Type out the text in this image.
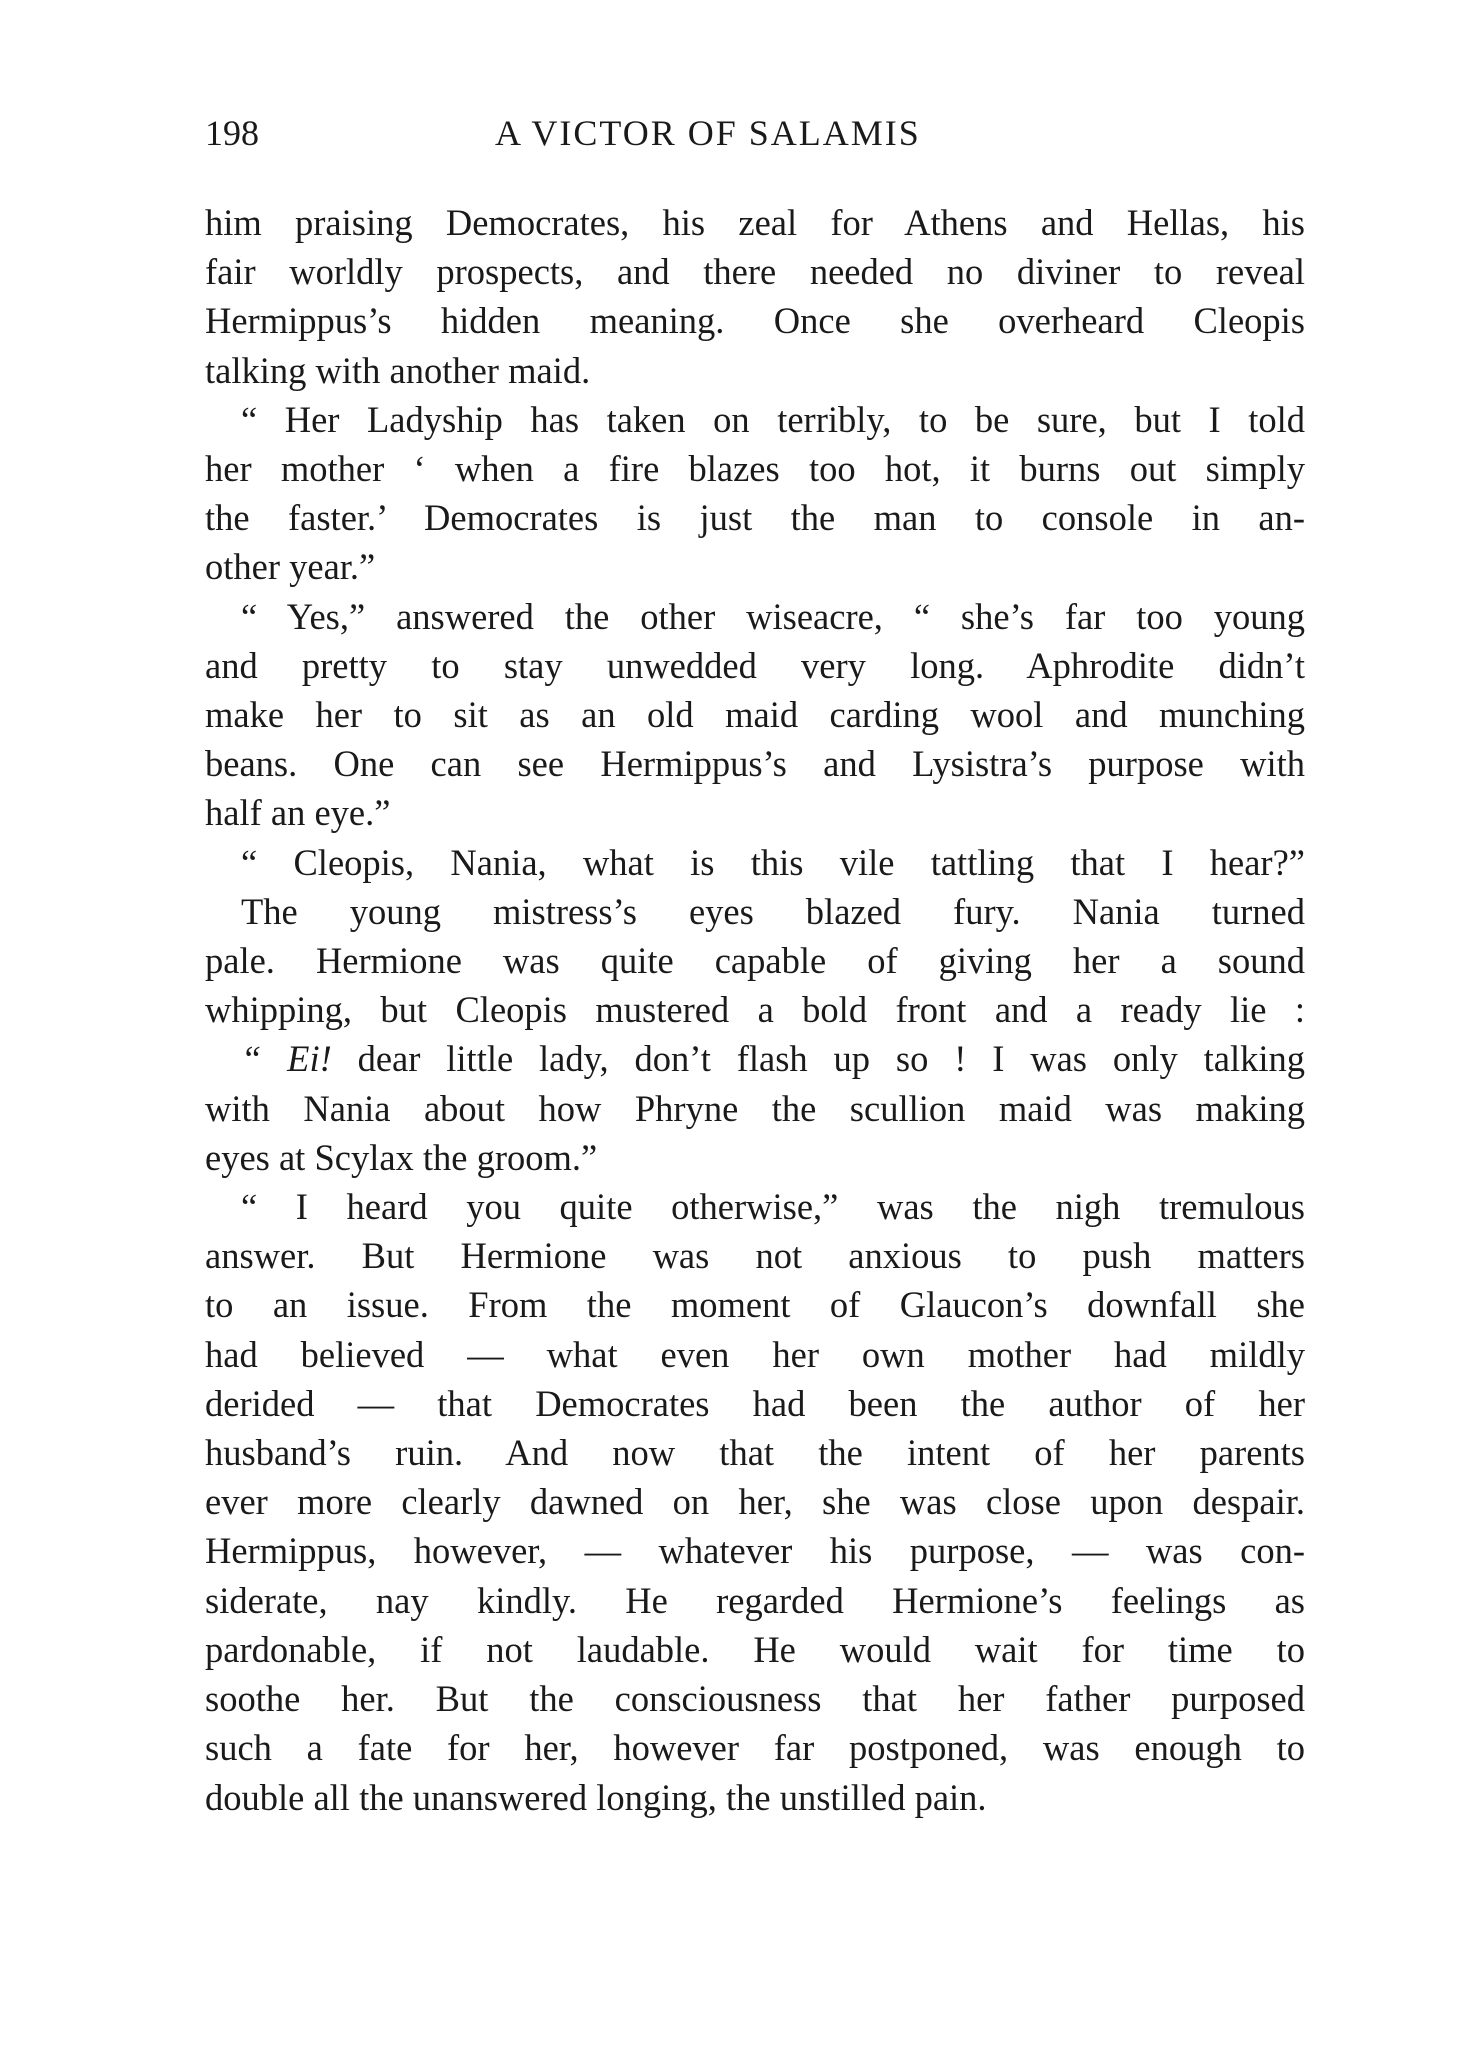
198	A VICTOR OF SALAMIS

him praising Democrates, his zeal for Athens and Hellas, his
fair worldly prospects, and there needed no diviner to reveal
Hermippus’s hidden meaning. Once she overheard Cleopis
talking with another maid.

“ Her Ladyship has taken on terribly, to be sure, but I told
her mother ‘ when a fire blazes too hot, it burns out simply
the faster.’ Democrates is just the man to console in an-
other year.”

“ Yes,” answered the other wiseacre, “ she’s far too young
and pretty to stay unwedded very long. Aphrodite didn’t
make her to sit as an old maid carding wool and munching
beans. One can see Hermippus’s and Lysistra’s purpose with
half an eye.”

“ Cleopis, Nania, what is this vile tattling that I hear?”

The young mistress’s eyes blazed fury. Nania turned
pale. Hermione was quite capable of giving her a sound
whipping, but Cleopis mustered a bold front and a ready lie :

“ Ei! dear little lady, don’t flash up so ! I was only talking
with Nania about how Phryne the scullion maid was making
eyes at Scylax the groom.”

“ I heard you quite otherwise,” was the nigh tremulous
answer. But Hermione was not anxious to push matters
to an issue. From the moment of Glaucon’s downfall she
had believed — what even her own mother had mildly
derided — that Democrates had been the author of her
husband’s ruin. And now that the intent of her parents
ever more clearly dawned on her, she was close upon despair.
Hermippus, however, — whatever his purpose, — was con-
siderate, nay kindly. He regarded Hermione’s feelings as
pardonable, if not laudable. He would wait for time to
soothe her. But the consciousness that her father purposed
such a fate for her, however far postponed, was enough to
double all the unanswered longing, the unstilled pain.
